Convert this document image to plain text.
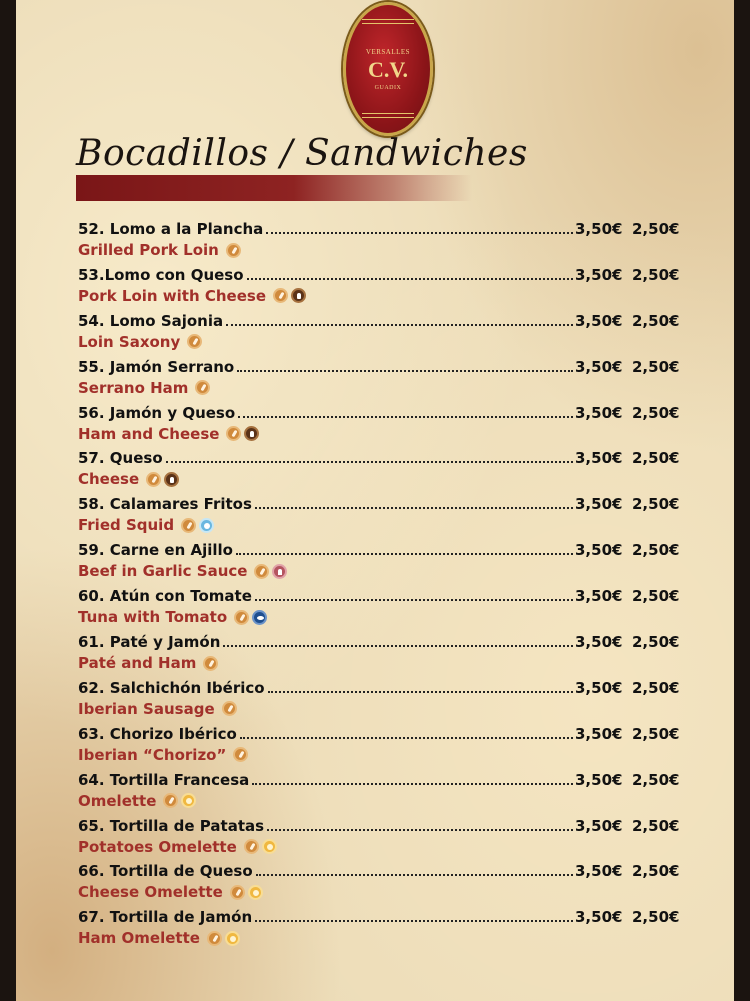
VERSALLES
C.V.
GUADIX
Bocadillos / Sandwiches
52. Lomo a la Plancha	3,50€ 2,50€
Grilled Pork Loin
53.Lomo con Queso	3,50€ 2,50€
Pork Loin with Cheese
54. Lomo Sajonia	3,50€ 2,50€
Loin Saxony
55. Jamón Serrano	3,50€ 2,50€
Serrano Ham
56. Jamón y Queso	3,50€ 2,50€
Ham and Cheese
57. Queso	3,50€ 2,50€
Cheese
58. Calamares Fritos	3,50€ 2,50€
Fried Squid
59. Carne en Ajillo	3,50€ 2,50€
Beef in Garlic Sauce
60. Atún con Tomate	3,50€ 2,50€
Tuna with Tomato
61. Paté y Jamón	3,50€ 2,50€
Paté and Ham
62. Salchichón Ibérico	3,50€ 2,50€
Iberian Sausage
63. Chorizo Ibérico	3,50€ 2,50€
Iberian “Chorizo”
64. Tortilla Francesa	3,50€ 2,50€
Omelette
65. Tortilla de Patatas	3,50€ 2,50€
Potatoes Omelette
66. Tortilla de Queso	3,50€ 2,50€
Cheese Omelette
67. Tortilla de Jamón	3,50€ 2,50€
Ham Omelette
